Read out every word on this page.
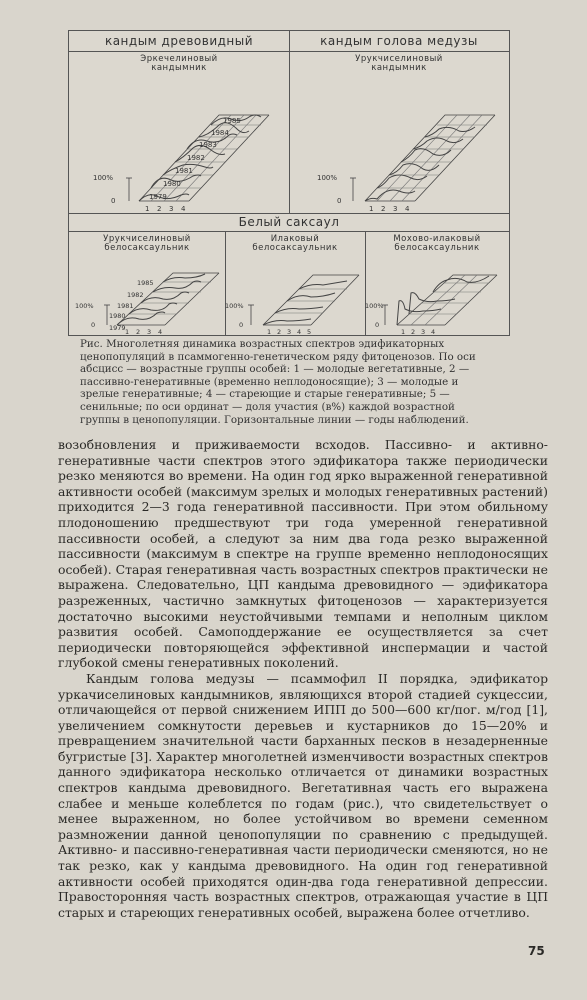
кандым древовидный	кандым голова медузы
Эркечелиновый
кандымник
Урукчиселиновый
кандымник
Белый саксаул
Урукчиселиновый
белосаксаульник
Илаковый
белосаксаульник
Мохово-илаковый
белосаксаульник
1985
1984
1983
1982
1981
1980
1979
100%
0
1 2 3 4
100%
0
1 2 3 4
1985
1982
1981
1980
1979
100%
0
1 2 3 4
100%
0
1 2 3 4 5
100%
0
1 2 3 4
Рис. Многолетняя динамика возрастных спектров эдификаторных
ценопопуляций в псаммогенно-генетическом ряду фитоценозов. По оси
абсцисс — возрастные группы особей: 1 — молодые вегетативные, 2 —
пассивно-генеративные (временно неплодоносящие); 3 — молодые и
зрелые генеративные; 4 — стареющие и старые генеративные; 5 —
сенильные; по оси ординат — доля участия (в%) каждой возрастной
группы в ценопопуляции. Горизонтальные линии — годы наблюдений.

возобновления и приживаемости всходов. Пассивно- и активно-генеративные части спектров этого эдификатора также периодически резко меняются во времени. На один год ярко выраженной генеративной активности особей (максимум зрелых и молодых генеративных растений) приходится 2—3 года генеративной пассивности. При этом обильному плодоношению предшествуют три года умеренной генеративной пассивности особей, а следуют за ним два года резко выраженной пассивности (максимум в спектре на группе временно неплодоносящих особей). Старая генеративная часть возрастных спектров практически не выражена. Следовательно, ЦП кандыма древовидного — эдификатора разреженных, частично замкнутых фитоценозов — характеризуется достаточно высокими неустойчивыми темпами и неполным циклом развития особей. Самоподдержание ее осуществляется за счет периодически повторяющейся эффективной инспермации и частой глубокой смены генеративных поколений.

Кандым голова медузы — псаммофил II порядка, эдификатор уркачиселиновых кандымников, являющихся второй стадией сукцессии, отличающейся от первой снижением ИПП до 500—600 кг/пог. м/год [1], увеличением сомкнутости деревьев и кустарников до 15—20% и превращением значительной части барханных песков в незадерненные бугристые [3]. Характер многолетней изменчивости возрастных спектров данного эдификатора несколько отличается от динамики возрастных спектров кандыма древовидного. Вегетативная часть его выражена слабее и меньше колеблется по годам (рис.), что свидетельствует о менее выраженном, но более устойчивом во времени семенном размножении данной ценопопуляции по сравнению с предыдущей. Активно- и пассивно-генеративная части периодически сменяются, но не так резко, как у кандыма древовидного. На один год генеративной активности особей приходятся один-два года генеративной депрессии. Правосторонняя часть возрастных спектров, отражающая участие в ЦП старых и стареющих генеративных особей, выражена более отчетливо.

75
